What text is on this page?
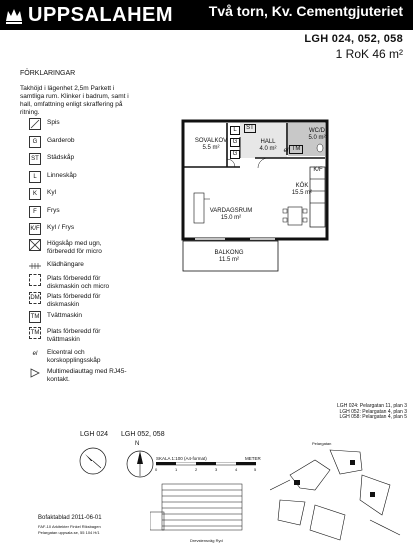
UPPSALAHEM	Två torn, Kv. Cementgjuteriet
LGH 024, 052, 058
1 RoK 46 m²
FÖRKLARINGAR
Takhöjd i lägenhet 2,5m Parkett i samtliga rum. Klinker i badrum, samt i hall, omfattning enligt skraffering på ritning.
Spis
G	Garderob
ST	Städskåp
L	Linneskåp
K	Kyl
F	Frys
K/F Kyl / Frys
Högskåp med ugn, förberedd för micro
Klädhängare
Plats förberedd för diskmaskin och micro
DM Plats förberedd för diskmaskin
TM Tvättmaskin
TM Plats förberedd för tvättmaskin
el	Elcentral och korskopplingsskåp
Multimediauttag med RJ45-kontakt.
SOVALKOV
5.5 m²
HALL
4.0 m²
WC/D
5.0 m²
KÖK
15.5 m²
VARDAGSRUM
15.0 m²
BALKONG
11.5 m²
L
G
G
ST
el TM
K/F
LGH 024: Pelargatan 11, plan 3
LGH 052: Pelargatan 4, plan 3
LGH 058: Pelargatan 4, plan 5
LGH 024 LGH 052, 058
N
SKALA 1:100 (A4-format)	METER
0	1	2	3	4	5
Drevstensväg Ryd
Pelargatan
Bofaktablad 2011-06-01
FAF-10 Arkitekter Finkel Riksbagen
Pelargatan uppsala.se, 55 104 H/1
